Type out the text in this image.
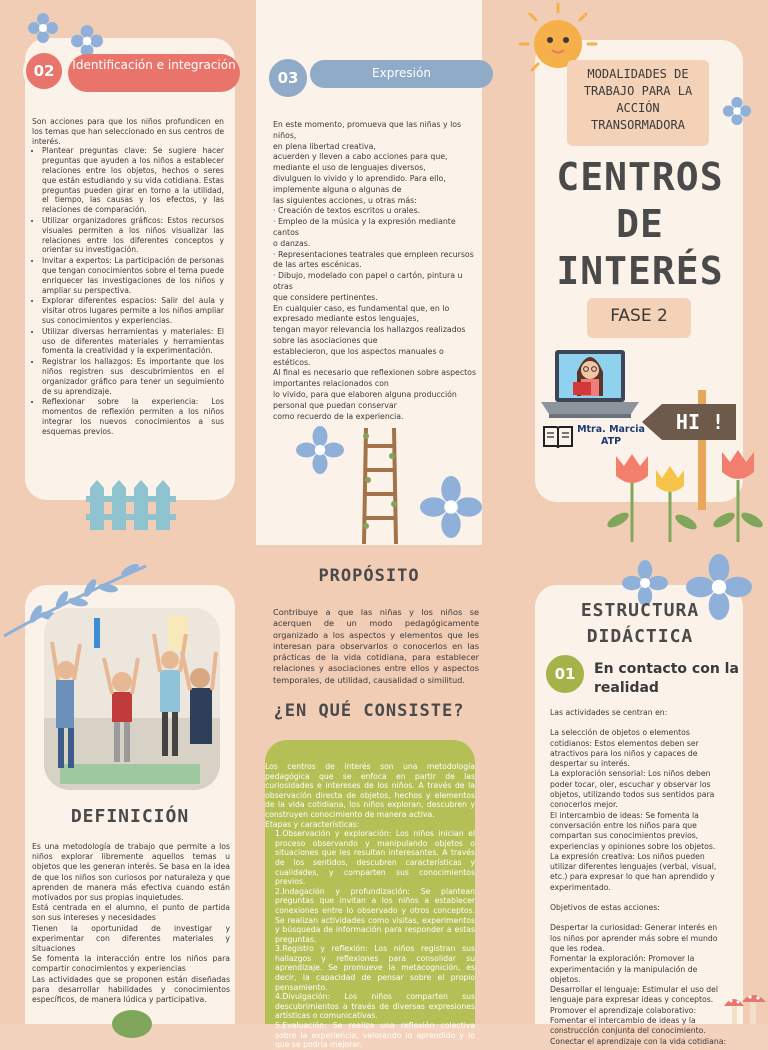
02	Identificación e integración

Son acciones para que los niños profundicen en los temas que han seleccionado en sus centros de interés.

• Plantear preguntas clave: Se sugiere hacer preguntas que ayuden a los niños a establecer relaciones entre los objetos, hechos o seres que están estudiando y su vida cotidiana. Estas preguntas pueden girar en torno a la utilidad, el tiempo, las causas y los efectos, y las relaciones de comparación.
• Utilizar organizadores gráficos: Estos recursos visuales permiten a los niños visualizar las relaciones entre los diferentes conceptos y orientar su investigación.
• Invitar a expertos: La participación de personas que tengan conocimientos sobre el tema puede enriquecer las investigaciones de los niños y ampliar su perspectiva.
• Explorar diferentes espacios: Salir del aula y visitar otros lugares permite a los niños ampliar sus conocimientos y experiencias.
• Utilizar diversas herramientas y materiales: El uso de diferentes materiales y herramientas fomenta la creatividad y la experimentación.
• Registrar los hallazgos: Es importante que los niños registren sus descubrimientos en el organizador gráfico para tener un seguimiento de su aprendizaje.
• Reflexionar sobre la experiencia: Los momentos de reflexión permiten a los niños integrar los nuevos conocimientos a sus esquemas previos.
03	Expresión
En este momento, promueva que las niñas y los niños,
en plena libertad creativa,
acuerden y lleven a cabo acciones para que,
mediante el uso de lenguajes diversos,
divulguen lo vivido y lo aprendido. Para ello,
implemente alguna o algunas de
las siguientes acciones, u otras más:
· Creación de textos escritos u orales.
· Empleo de la música y la expresión mediante cantos
o danzas.
· Representaciones teatrales que empleen recursos
de las artes escénicas.
· Dibujo, modelado con papel o cartón, pintura u otras
que considere pertinentes.
En cualquier caso, es fundamental que, en lo
expresado mediante estos lenguajes,
tengan mayor relevancia los hallazgos realizados
sobre las asociaciones que
establecieron, que los aspectos manuales o
estéticos.
Al final es necesario que reflexionen sobre aspectos
importantes relacionados con
lo vivido, para que elaboren alguna producción
personal que puedan conservar
como recuerdo de la experiencia.
MODALIDADES DE TRABAJO PARA LA ACCIÓN TRANSORMADORA
CENTROS
DE
INTERÉS
FASE 2
Mtra. Marcia
ATP
HI !
DEFINICIÓN

Es una metodología de trabajo que permite a los niños explorar libremente aquellos temas u objetos que les generan interés. Se basa en la idea de que los niños son curiosos por naturaleza y que aprenden de manera más efectiva cuando están motivados por sus propias inquietudes.

Está centrada en el alumno, el punto de partida son sus intereses y necesidades

Tienen la oportunidad de investigar y experimentar con diferentes materiales y situaciones

Se fomenta la interacción entre los niños para compartir conocimientos y experiencias

Las actividades que se proponen están diseñadas para desarrollar habilidades y conocimientos específicos, de manera lúdica y participativa.

PROPÓSITO
Contribuye a que las niñas y los niños se acerquen de un modo pedagógicamente organizado a los aspectos y elementos que les interesan para observarlos o conocerlos en las prácticas de la vida cotidiana, para establecer relaciones y asociaciones entre ellos y aspectos temporales, de utilidad, causalidad o similitud.
¿EN QUÉ CONSISTE?
Los centros de interés son una metodología pedagógica que se enfoca en partir de las curiosidades e intereses de los niños. A través de la observación directa de objetos, hechos y elementos de la vida cotidiana, los niños exploran, descubren y construyen conocimiento de manera activa.
Etapas y características:
1.Observación y exploración: Los niños inician el proceso observando y manipulando objetos o situaciones que les resultan interesantes. A través de los sentidos, descubren características y cualidades, y comparten sus conocimientos previos.
2.Indagación y profundización: Se plantean preguntas que invitan a los niños a establecer conexiones entre lo observado y otros conceptos. Se realizan actividades como visitas, experimentos y búsqueda de información para responder a estas preguntas.
3.Registro y reflexión: Los niños registran sus hallazgos y reflexiones para consolidar su aprendizaje. Se promueve la metacognición, es decir, la capacidad de pensar sobre el propio pensamiento.
4.Divulgación: Los niños comparten sus descubrimientos a través de diversas expresiones artísticas o comunicativas.
5.Evaluación: Se realiza una reflexión colectiva sobre la experiencia, valorando lo aprendido y lo que se podría mejorar.
ESTRUCTURA
DIDÁCTICA
01	En contacto con la realidad
Las actividades se centran en:
La selección de objetos o elementos cotidianos: Estos elementos deben ser atractivos para los niños y capaces de despertar su interés.
La exploración sensorial: Los niños deben poder tocar, oler, escuchar y observar los objetos, utilizando todos sus sentidos para conocerlos mejor.
El intercambio de ideas: Se fomenta la conversación entre los niños para que compartan sus conocimientos previos, experiencias y opiniones sobre los objetos.
La expresión creativa: Los niños pueden utilizar diferentes lenguajes (verbal, visual, etc.) para expresar lo que han aprendido y experimentado.
Objetivos de estas acciones:
Despertar la curiosidad: Generar interés en los niños por aprender más sobre el mundo que les rodea.
Fomentar la exploración: Promover la experimentación y la manipulación de objetos.
Desarrollar el lenguaje: Estimular el uso del lenguaje para expresar ideas y conceptos.
Promover el aprendizaje colaborativo: Fomentar el intercambio de ideas y la construcción conjunta del conocimiento.
Conectar el aprendizaje con la vida cotidiana:
